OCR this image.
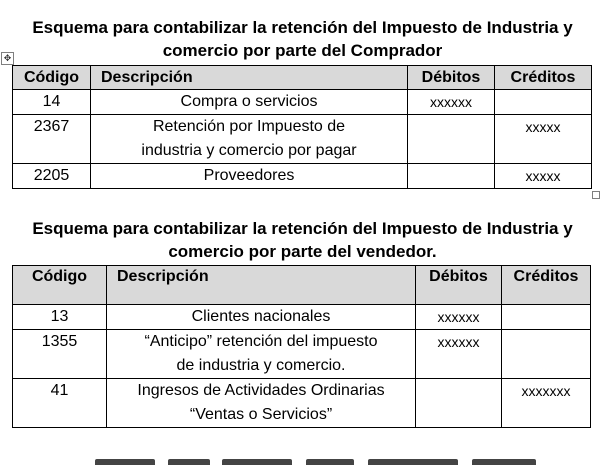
✥
Esquema para contabilizar la retención del Impuesto de Industria y
comercio por parte del Comprador
Código	Descripción	Débitos	Créditos

14	Compra o servicios	xxxxxx	

2367	Retención por Impuesto de
industria y comercio por pagar		xxxxx

2205	Proveedores		xxxxx
Esquema para contabilizar la retención del Impuesto de Industria y
comercio por parte del vendedor.
Código	Descripción	Débitos	Créditos

13	Clientes nacionales	xxxxxx	

1355	“Anticipo” retención del impuesto
de industria y comercio.	xxxxxx	

41	Ingresos de Actividades Ordinarias
“Ventas o Servicios”		xxxxxxx
